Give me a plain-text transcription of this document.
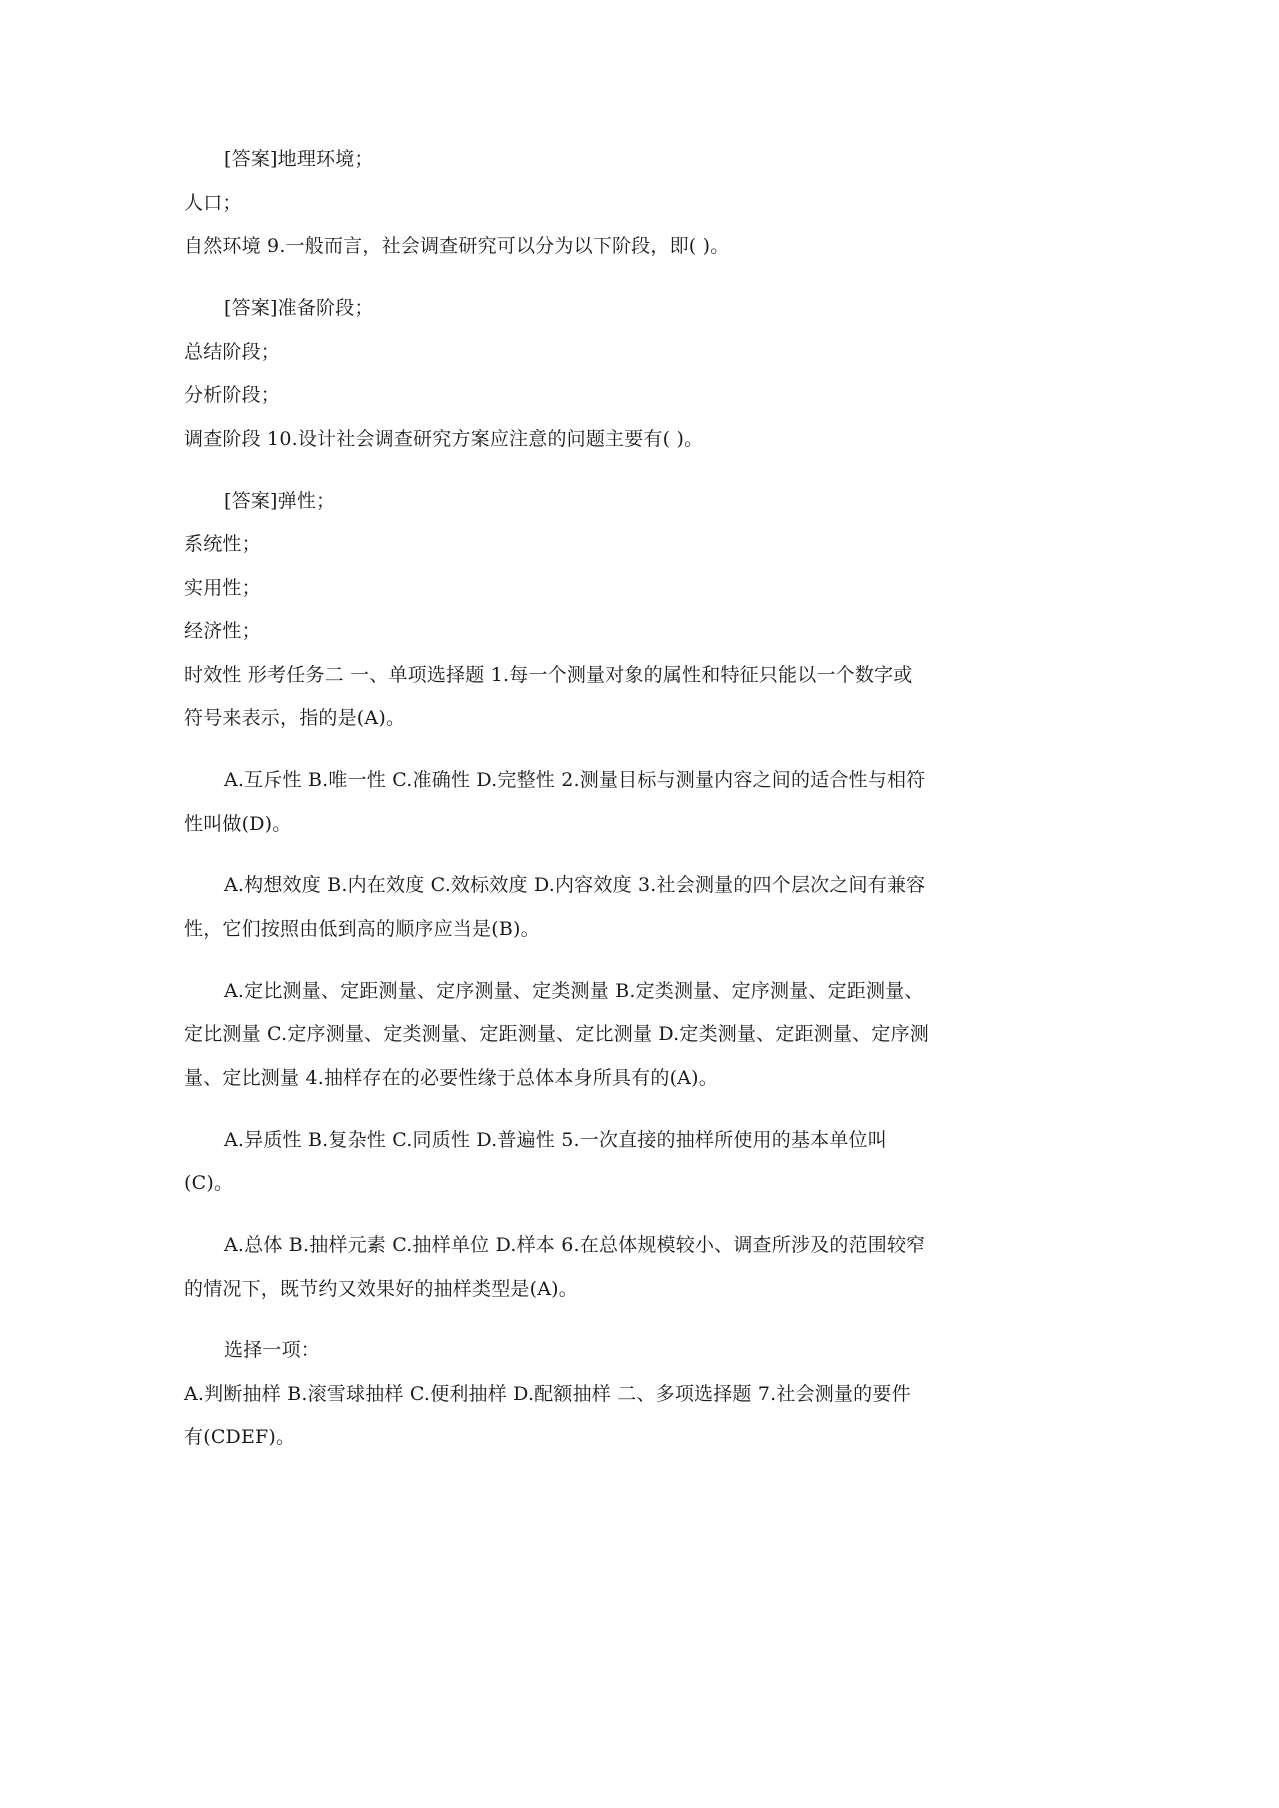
[答案]地理环境；
人口；
自然环境 9.一般而言，社会调查研究可以分为以下阶段，即( )。
[答案]准备阶段；
总结阶段；
分析阶段；
调查阶段 10.设计社会调查研究方案应注意的问题主要有( )。
[答案]弹性；
系统性；
实用性；
经济性；
时效性 形考任务二 一、单项选择题 1.每一个测量对象的属性和特征只能以一个数字或
符号来表示，指的是(A)。
A.互斥性 B.唯一性 C.准确性 D.完整性 2.测量目标与测量内容之间的适合性与相符
性叫做(D)。
A.构想效度 B.内在效度 C.效标效度 D.内容效度 3.社会测量的四个层次之间有兼容
性，它们按照由低到高的顺序应当是(B)。
A.定比测量、定距测量、定序测量、定类测量 B.定类测量、定序测量、定距测量、
定比测量 C.定序测量、定类测量、定距测量、定比测量 D.定类测量、定距测量、定序测
量、定比测量 4.抽样存在的必要性缘于总体本身所具有的(A)。
A.异质性 B.复杂性 C.同质性 D.普遍性 5.一次直接的抽样所使用的基本单位叫
(C)。
A.总体 B.抽样元素 C.抽样单位 D.样本 6.在总体规模较小、调查所涉及的范围较窄
的情况下，既节约又效果好的抽样类型是(A)。
选择一项：
A.判断抽样 B.滚雪球抽样 C.便利抽样 D.配额抽样 二、多项选择题 7.社会测量的要件
有(CDEF)。
